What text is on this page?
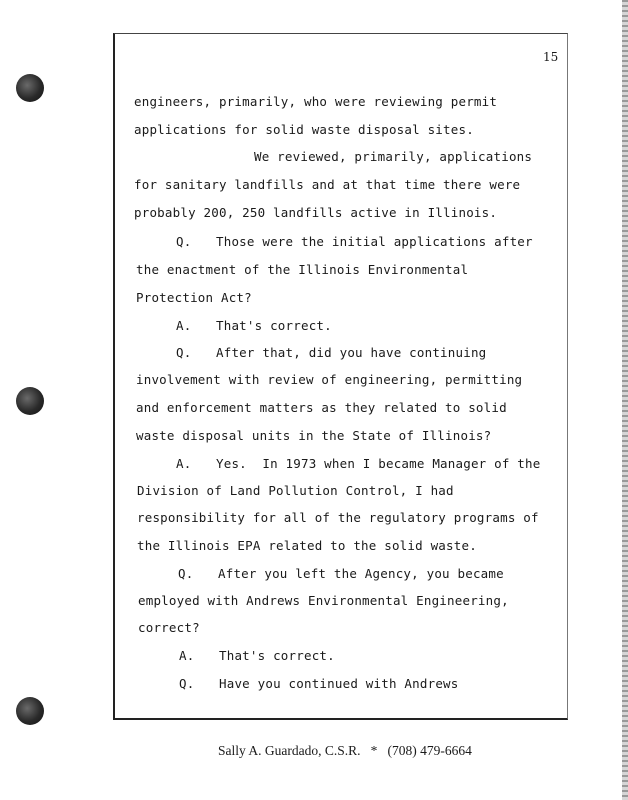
15
engineers, primarily, who were reviewing permit
applications for solid waste disposal sites.
We reviewed, primarily, applications
for sanitary landfills and at that time there were
probably 200, 250 landfills active in Illinois.
Q. Those were the initial applications after
the enactment of the Illinois Environmental
Protection Act?
A. That's correct.
Q. After that, did you have continuing
involvement with review of engineering, permitting
and enforcement matters as they related to solid
waste disposal units in the State of Illinois?
A. Yes.  In 1973 when I became Manager of the
Division of Land Pollution Control, I had
responsibility for all of the regulatory programs of
the Illinois EPA related to the solid waste.
Q. After you left the Agency, you became
employed with Andrews Environmental Engineering,
correct?
A. That's correct.
Q. Have you continued with Andrews
Sally A. Guardado, C.S.R.   *   (708) 479-6664
